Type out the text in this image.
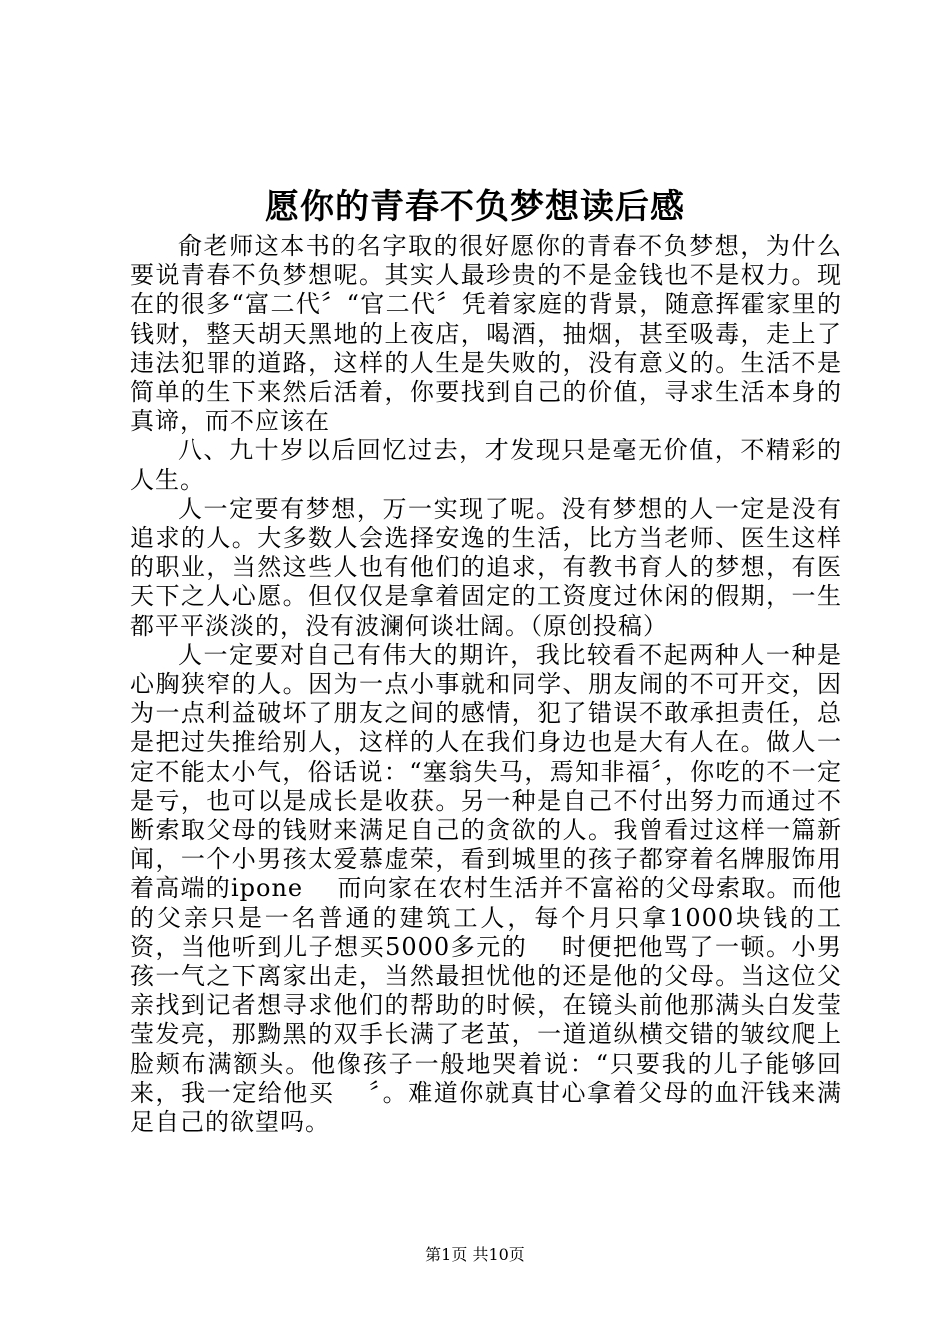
愿你的青春不负梦想读后感

俞老师这本书的名字取的很好愿你的青春不负梦想，为什么要说青春不负梦想呢。其实人最珍贵的不是金钱也不是权力。现在的很多“富二代〞“官二代〞凭着家庭的背景，随意挥霍家里的钱财，整天胡天黑地的上夜店，喝酒，抽烟，甚至吸毒，走上了违法犯罪的道路，这样的人生是失败的，没有意义的。生活不是简单的生下来然后活着，你要找到自己的价值，寻求生活本身的真谛，而不应该在

八、九十岁以后回忆过去，才发现只是毫无价值，不精彩的人生。

人一定要有梦想，万一实现了呢。没有梦想的人一定是没有追求的人。大多数人会选择安逸的生活，比方当老师、医生这样的职业，当然这些人也有他们的追求，有教书育人的梦想，有医天下之人心愿。但仅仅是拿着固定的工资度过休闲的假期，一生都平平淡淡的，没有波澜何谈壮阔。（原创投稿）

人一定要对自己有伟大的期许，我比较看不起两种人一种是心胸狭窄的人。因为一点小事就和同学、朋友闹的不可开交，因为一点利益破坏了朋友之间的感情，犯了错误不敢承担责任，总是把过失推给别人，这样的人在我们身边也是大有人在。做人一定不能太小气，俗话说：“塞翁失马，焉知非福〞，你吃的不一定是亏，也可以是成长是收获。另一种是自己不付出努力而通过不断索取父母的钱财来满足自己的贪欲的人。我曾看过这样一篇新闻，一个小男孩太爱慕虚荣，看到城里的孩子都穿着名牌服饰用着高端的ipone　 而向家在农村生活并不富裕的父母索取。而他的父亲只是一名普通的建筑工人，每个月只拿1000块钱的工资，当他听到儿子想买5000多元的　 时便把他骂了一顿。小男孩一气之下离家出走，当然最担忧他的还是他的父母。当这位父亲找到记者想寻求他们的帮助的时候，在镜头前他那满头白发莹莹发亮，那黝黑的双手长满了老茧，一道道纵横交错的皱纹爬上脸颊布满额头。他像孩子一般地哭着说：“只要我的儿子能够回来，我一定给他买　 〞。难道你就真甘心拿着父母的血汗钱来满足自己的欲望吗。

第1页 共10页
